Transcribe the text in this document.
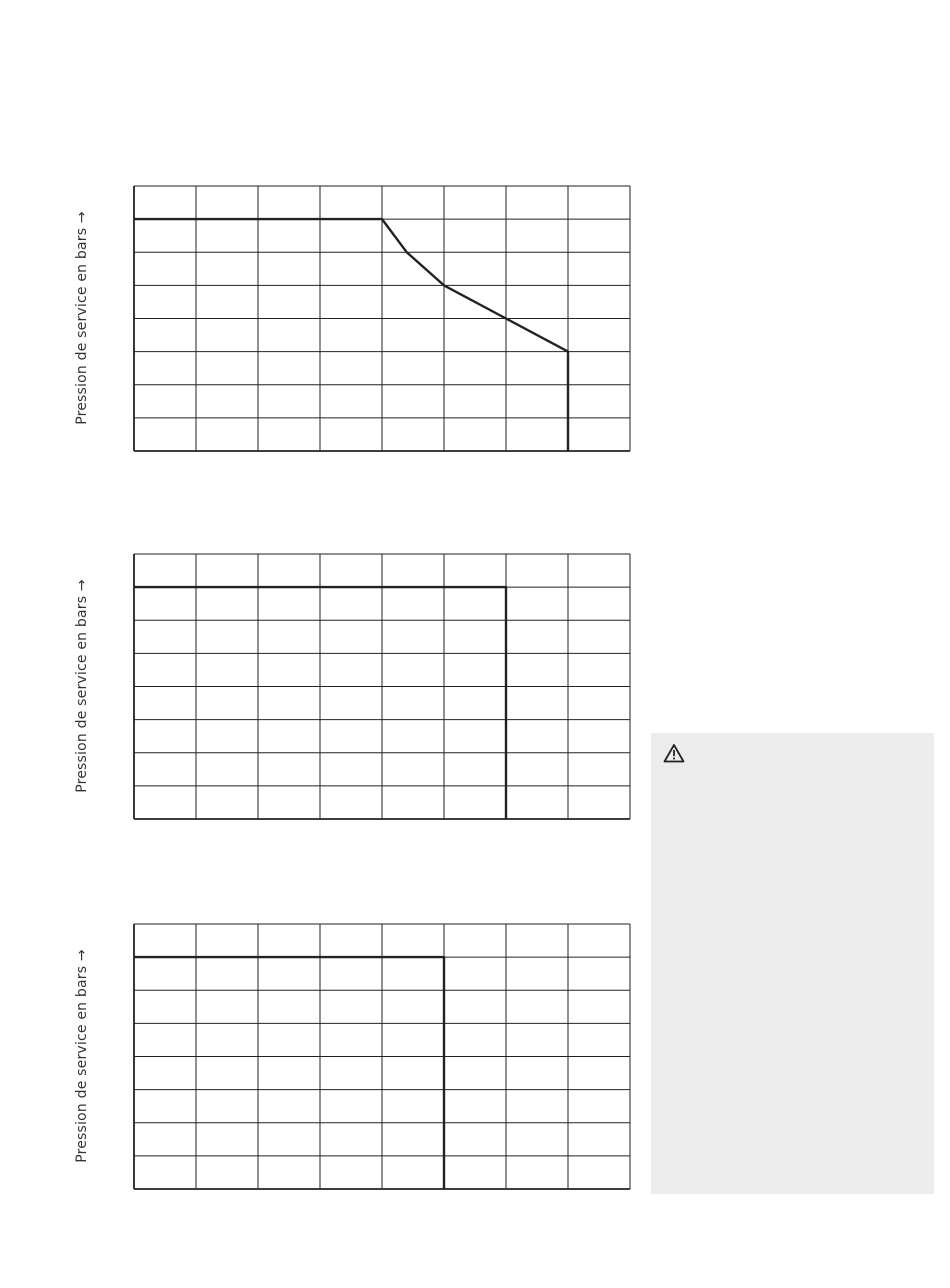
Pression de service en bars →
Pression de service en bars →
Pression de service en bars →
